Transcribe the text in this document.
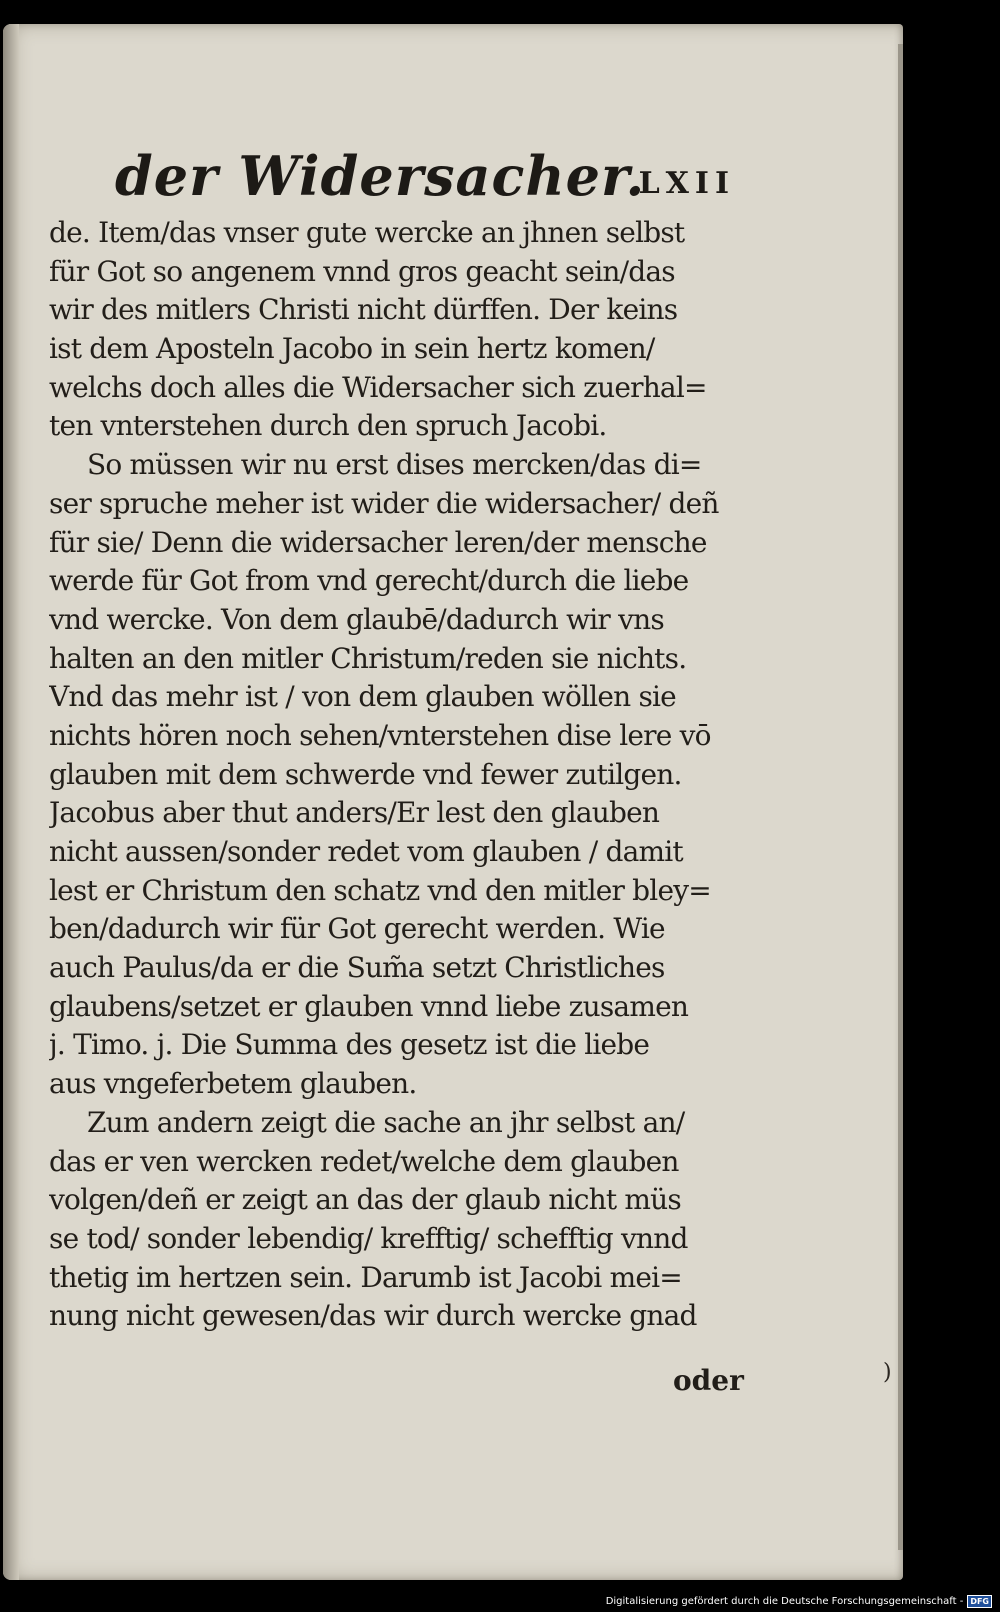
der Widersacher.
LXII
de. Item/das vnser gute wercke an jhnen selbst
für Got so angenem vnnd gros geacht sein/das
wir des mitlers Christi nicht dürffen. Der keins
ist dem Aposteln Jacobo in sein hertz komen/
welchs doch alles die Widersacher sich zuerhal=
ten vnterstehen durch den spruch Jacobi.
So müssen wir nu erst dises mercken/das di=
ser spruche meher ist wider die widersacher/ deñ
für sie/ Denn die widersacher leren/der mensche
werde für Got from vnd gerecht/durch die liebe
vnd wercke. Von dem glaubē/dadurch wir vns
halten an den mitler Christum/reden sie nichts.
Vnd das mehr ist / von dem glauben wöllen sie
nichts hören noch sehen/vnterstehen dise lere vō
glauben mit dem schwerde vnd fewer zutilgen.
Jacobus aber thut anders/Er lest den glauben
nicht aussen/sonder redet vom glauben / damit
lest er Christum den schatz vnd den mitler bley=
ben/dadurch wir für Got gerecht werden. Wie
auch Paulus/da er die Sum̃a setzt Christliches
glaubens/setzet er glauben vnnd liebe zusamen
j. Timo. j. Die Summa des gesetz ist die liebe
aus vngeferbetem glauben.
Zum andern zeigt die sache an jhr selbst an/
das er ven wercken redet/welche dem glauben
volgen/deñ er zeigt an das der glaub nicht müs
se tod/ sonder lebendig/ krefftig/ schefftig vnnd
thetig im hertzen sein. Darumb ist Jacobi mei=
nung nicht gewesen/das wir durch wercke gnad
oder	)
Digitalisierung gefördert durch die Deutsche Forschungsgemeinschaft - DFG
